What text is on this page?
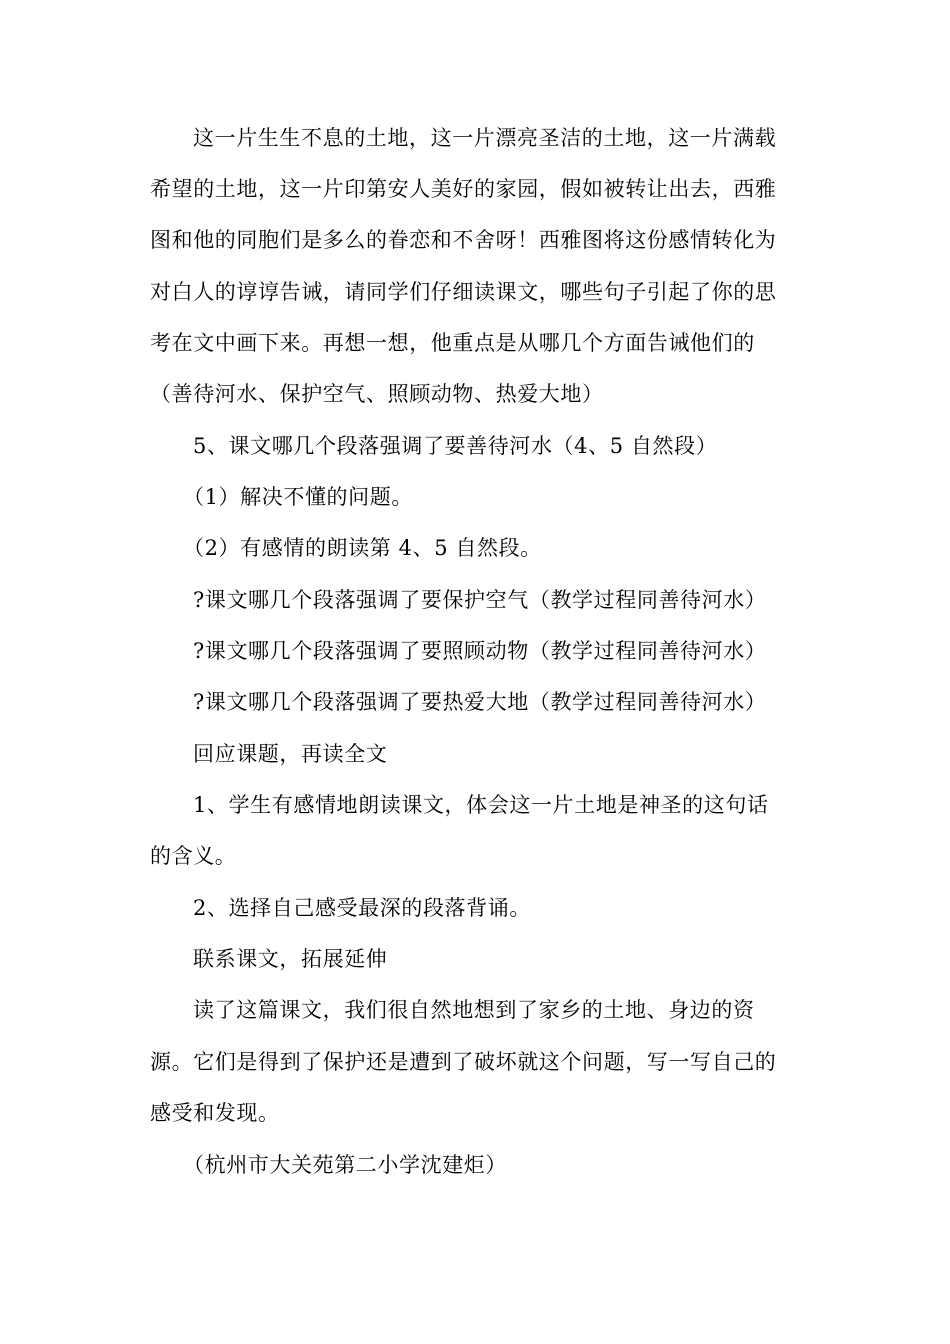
这一片生生不息的土地，这一片漂亮圣洁的土地，这一片满载
希望的土地，这一片印第安人美好的家园，假如被转让出去，西雅
图和他的同胞们是多么的眷恋和不舍呀！西雅图将这份感情转化为
对白人的谆谆告诫，请同学们仔细读课文，哪些句子引起了你的思
考在文中画下来。再想一想，他重点是从哪几个方面告诫他们的
（善待河水、保护空气、照顾动物、热爱大地）
5、课文哪几个段落强调了要善待河水（4、5 自然段）
（1）解决不懂的问题。
（2）有感情的朗读第 4、5 自然段。
?课文哪几个段落强调了要保护空气（教学过程同善待河水）
?课文哪几个段落强调了要照顾动物（教学过程同善待河水）
?课文哪几个段落强调了要热爱大地（教学过程同善待河水）
回应课题，再读全文
1、学生有感情地朗读课文，体会这一片土地是神圣的这句话
的含义。
2、选择自己感受最深的段落背诵。
联系课文，拓展延伸
读了这篇课文，我们很自然地想到了家乡的土地、身边的资
源。它们是得到了保护还是遭到了破坏就这个问题，写一写自己的
感受和发现。
（杭州市大关苑第二小学沈建炬）
